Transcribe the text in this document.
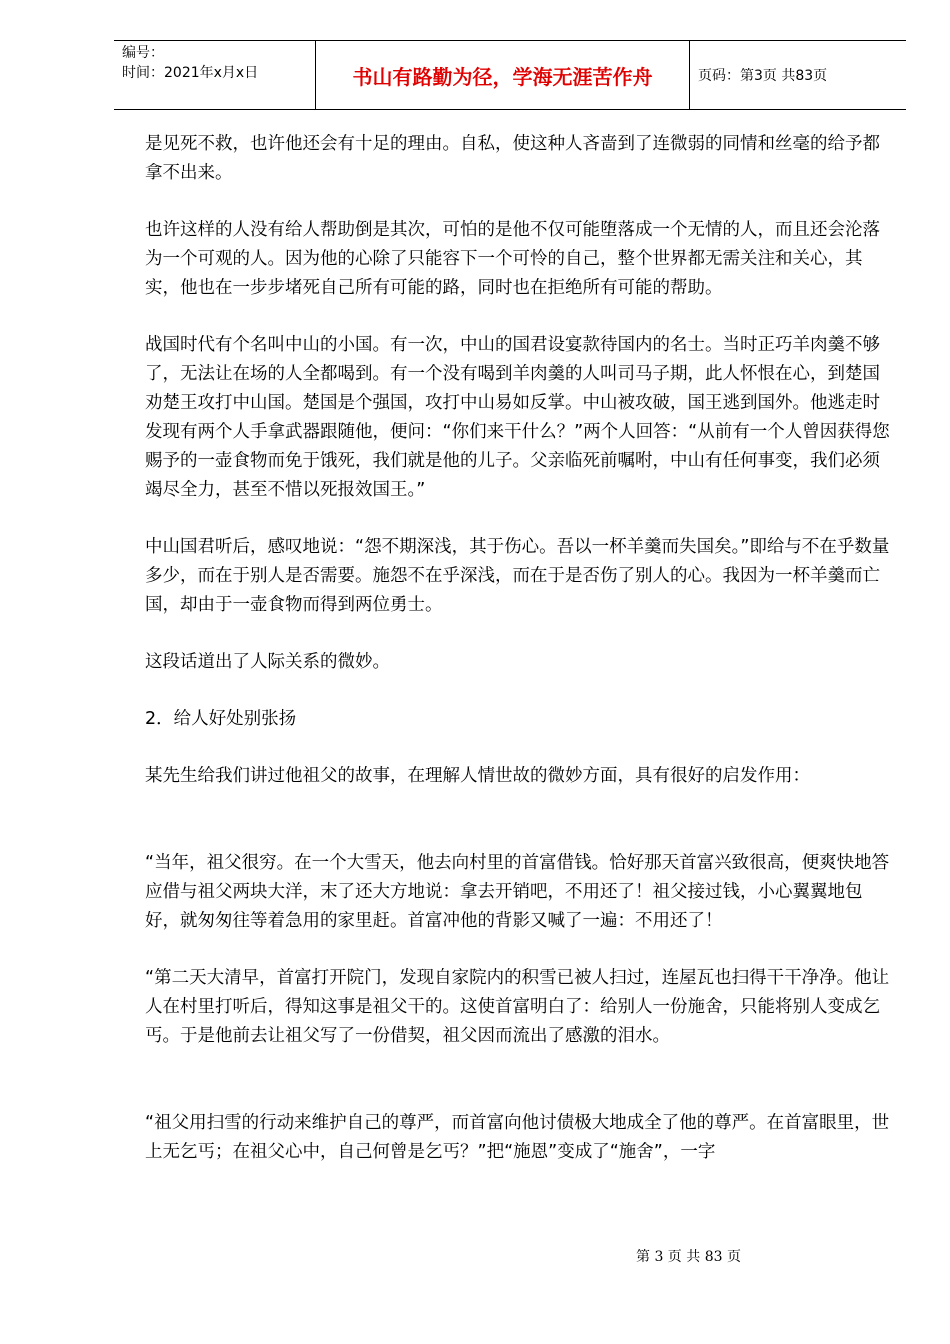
编号：
时间：2021年x月x日	书山有路勤为径，学海无涯苦作舟	页码：第3页 共83页

是见死不救，也许他还会有十足的理由。自私，使这种人吝啬到了连微弱的同情和丝毫的给予都拿不出来。

也许这样的人没有给人帮助倒是其次，可怕的是他不仅可能堕落成一个无情的人，而且还会沦落为一个可观的人。因为他的心除了只能容下一个可怜的自己，整个世界都无需关注和关心，其实，他也在一步步堵死自己所有可能的路，同时也在拒绝所有可能的帮助。

战国时代有个名叫中山的小国。有一次，中山的国君设宴款待国内的名士。当时正巧羊肉羹不够了，无法让在场的人全都喝到。有一个没有喝到羊肉羹的人叫司马子期，此人怀恨在心，到楚国劝楚王攻打中山国。楚国是个强国，攻打中山易如反掌。中山被攻破，国王逃到国外。他逃走时发现有两个人手拿武器跟随他，便问：“你们来干什么？”两个人回答：“从前有一个人曾因获得您赐予的一壶食物而免于饿死，我们就是他的儿子。父亲临死前嘱咐，中山有任何事变，我们必须竭尽全力，甚至不惜以死报效国王。”

中山国君听后，感叹地说：“怨不期深浅，其于伤心。吾以一杯羊羹而失国矣。”即给与不在乎数量多少，而在于别人是否需要。施怨不在乎深浅，而在于是否伤了别人的心。我因为一杯羊羹而亡国，却由于一壶食物而得到两位勇士。

这段话道出了人际关系的微妙。

2．给人好处别张扬

某先生给我们讲过他祖父的故事，在理解人情世故的微妙方面，具有很好的启发作用：

“当年，祖父很穷。在一个大雪天，他去向村里的首富借钱。恰好那天首富兴致很高，便爽快地答应借与祖父两块大洋，末了还大方地说：拿去开销吧，不用还了！祖父接过钱，小心翼翼地包好，就匆匆往等着急用的家里赶。首富冲他的背影又喊了一遍：不用还了！

“第二天大清早，首富打开院门，发现自家院内的积雪已被人扫过，连屋瓦也扫得干干净净。他让人在村里打听后，得知这事是祖父干的。这使首富明白了：给别人一份施舍，只能将别人变成乞丐。于是他前去让祖父写了一份借契，祖父因而流出了感激的泪水。

“祖父用扫雪的行动来维护自己的尊严，而首富向他讨债极大地成全了他的尊严。在首富眼里，世上无乞丐；在祖父心中，自己何曾是乞丐？”把“施恩”变成了“施舍”，一字

第 3 页 共 83 页
